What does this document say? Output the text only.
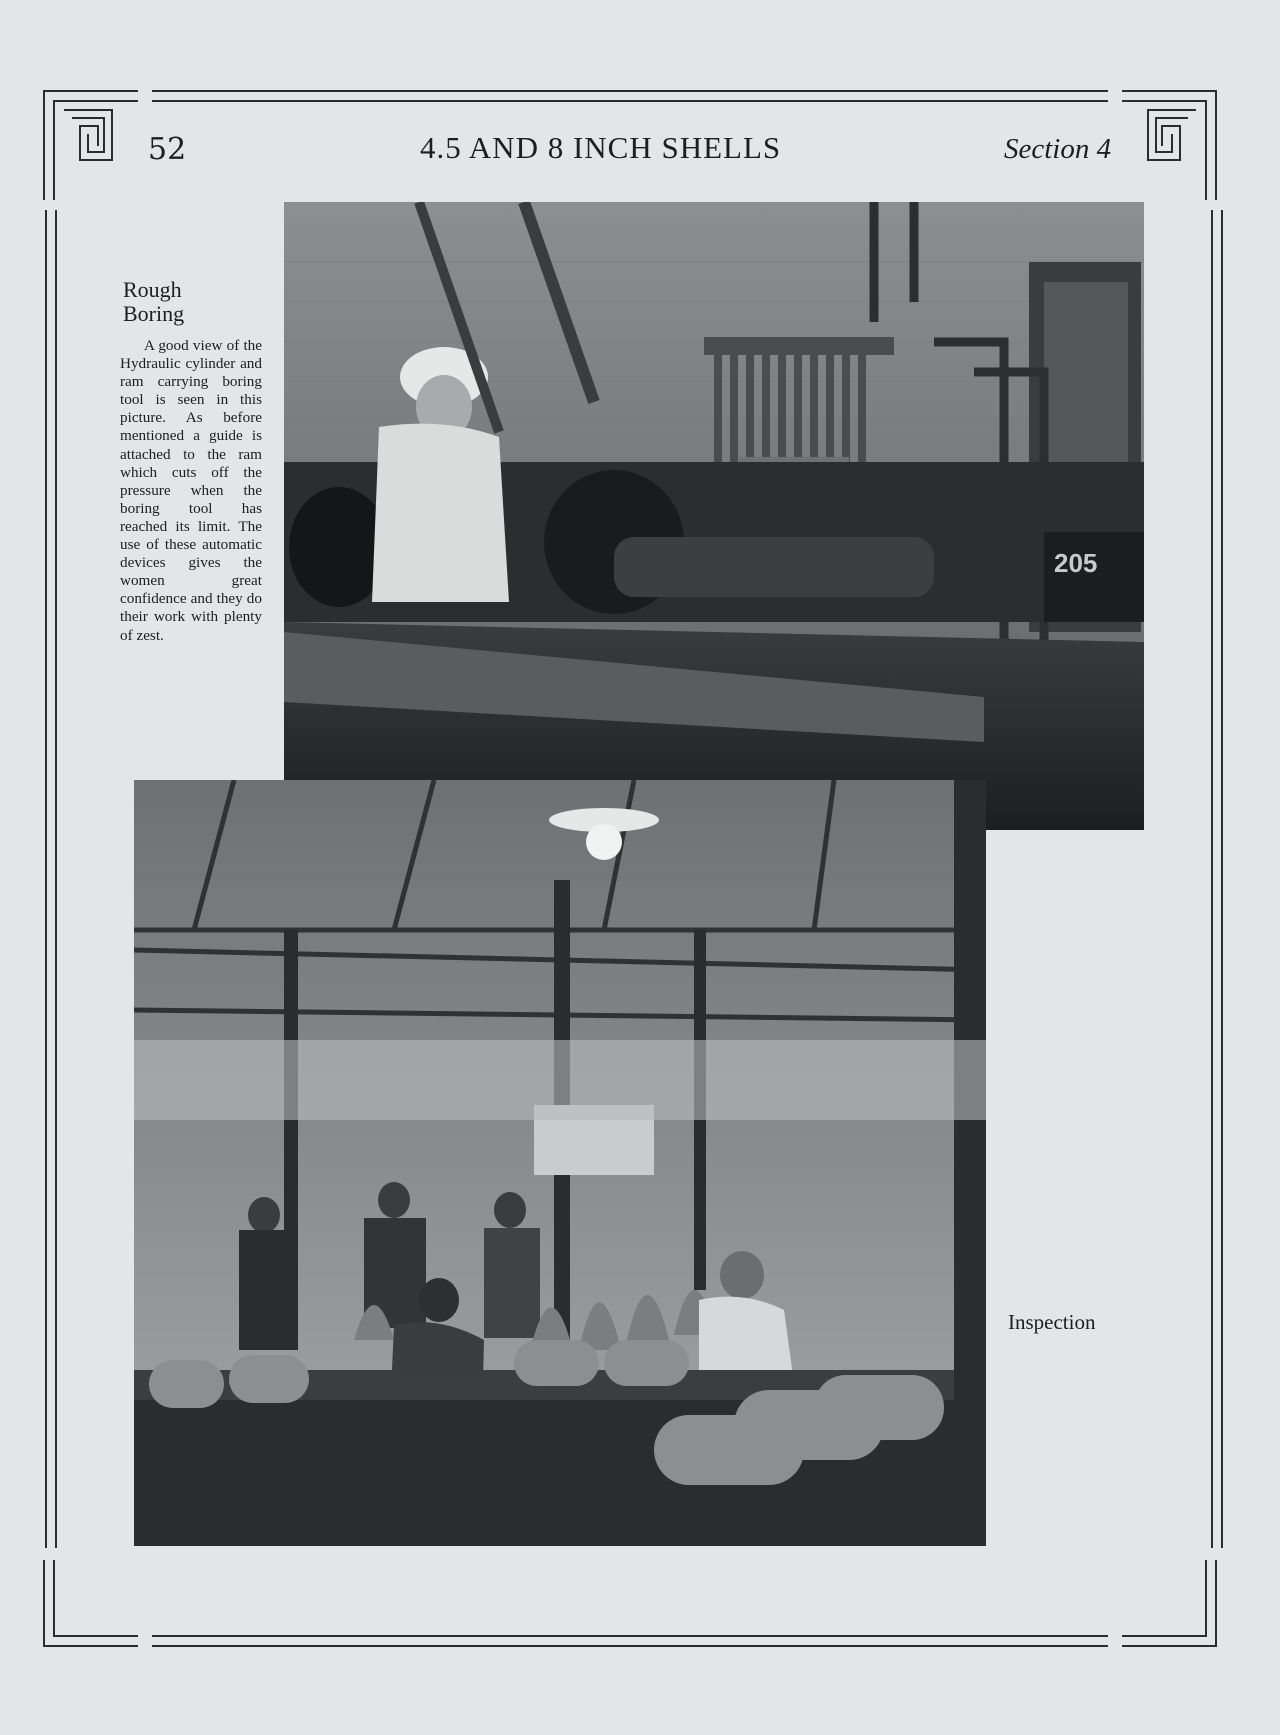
52	4.5 AND 8 INCH SHELLS	Section 4
205
Rough
Boring
A good view of the Hydraulic cylinder and ram carrying boring tool is seen in this picture. As before mentioned a guide is attached to the ram which cuts off the pressure when the boring tool has reached its limit. The use of these automatic devices gives the women great confidence and they do their work with plenty of zest.
Inspection
